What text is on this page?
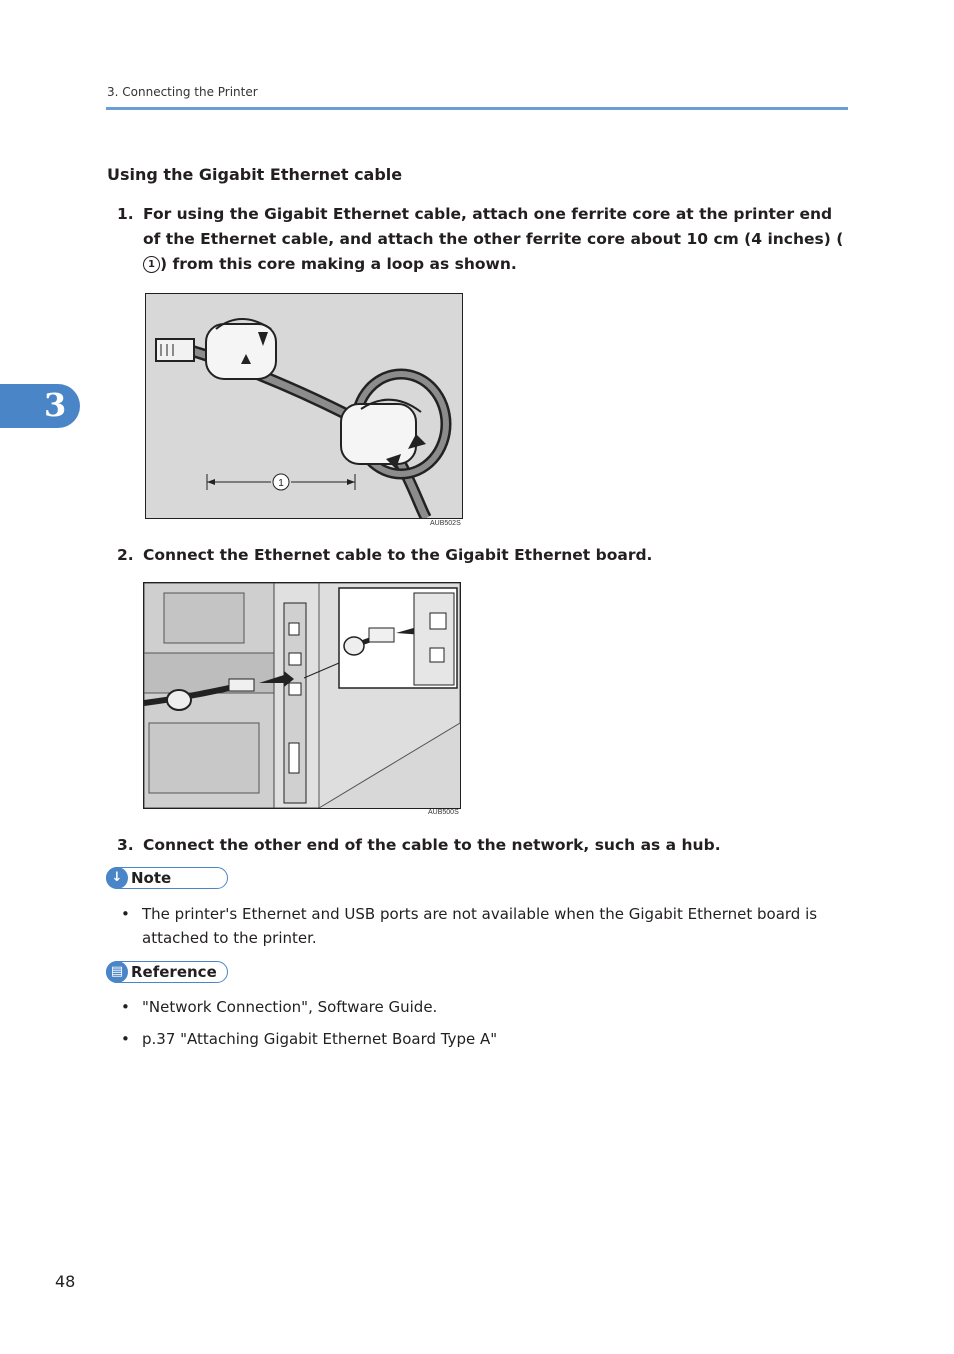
3. Connecting the Printer
3
Using the Gigabit Ethernet cable
1. For using the Gigabit Ethernet cable, attach one ferrite core at the printer end of the Ethernet cable, and attach the other ferrite core about 10 cm (4 inches) (1 ) from this core making a loop as shown.
1
AUB502S
2. Connect the Ethernet cable to the Gigabit Ethernet board.
AUB500S
3. Connect the other end of the cable to the network, such as a hub.
↓ Note
• The printer's Ethernet and USB ports are not available when the Gigabit Ethernet board is attached to the printer.
▤ Reference
• "Network Connection", Software Guide.
• p.37 "Attaching Gigabit Ethernet Board Type A"
48
